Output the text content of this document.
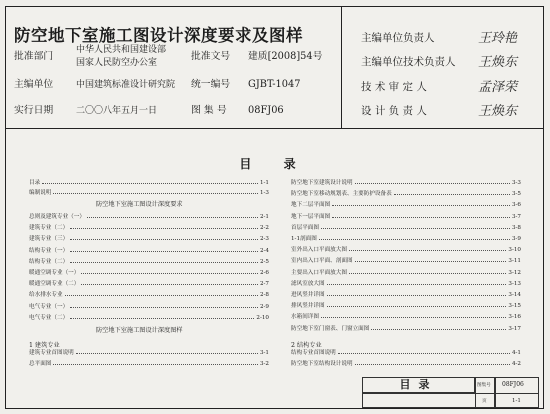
防空地下室施工图设计深度要求及图样
批准部门
中华人民共和国建设部
国家人民防空办公室
批准文号 建质[2008]54号
主编单位	中国建筑标准设计研究院 统一编号 GJBT-1047
实行日期	二〇〇八年五月一日	图 集 号 08FJ06
主编单位负责人	王玲艳
主编单位技术负责人 王焕东
技 术 审 定 人	孟泽荣
设 计 负 责 人	王焕东
目 录
目录	1-1
编制说明	1-3
防空地下室施工图设计深度要求
总则及建筑专业（一）	2-1
建筑专业（二）	2-2
建筑专业（三）	2-3
结构专业（一）	2-4
结构专业（二）	2-5
暖通空调专业（一）	2-6
暖通空调专业（二）	2-7
给水排水专业	2-8
电气专业（一）	2-9
电气专业（二）	2-10
防空地下室施工图设计深度图样
1 建筑专业
建筑专业首图说明	3-1
总平面图	3-2
防空地下室建筑设计说明	3-3
防空地下室移动规划表、主要防护设备表	3-5
地下二层平面图	3-6
地下一层平面图	3-7
首层平面图	3-8
1-1剖面图	3-9
室外出入口平面放大图	3-10
室内出入口平面、剖面图	3-11
主要出入口平面放大图	3-12
滤风室放大图	3-13
进风竖井详图	3-14
排风竖井详图	3-15
水箱间详图	3-16
防空地下室门窗表、门窗立面图	3-17
2 结构专业
结构专业首图说明	4-1
防空地下室结构设计说明	4-2
目录	图集号 08FJ06
页	1-1
